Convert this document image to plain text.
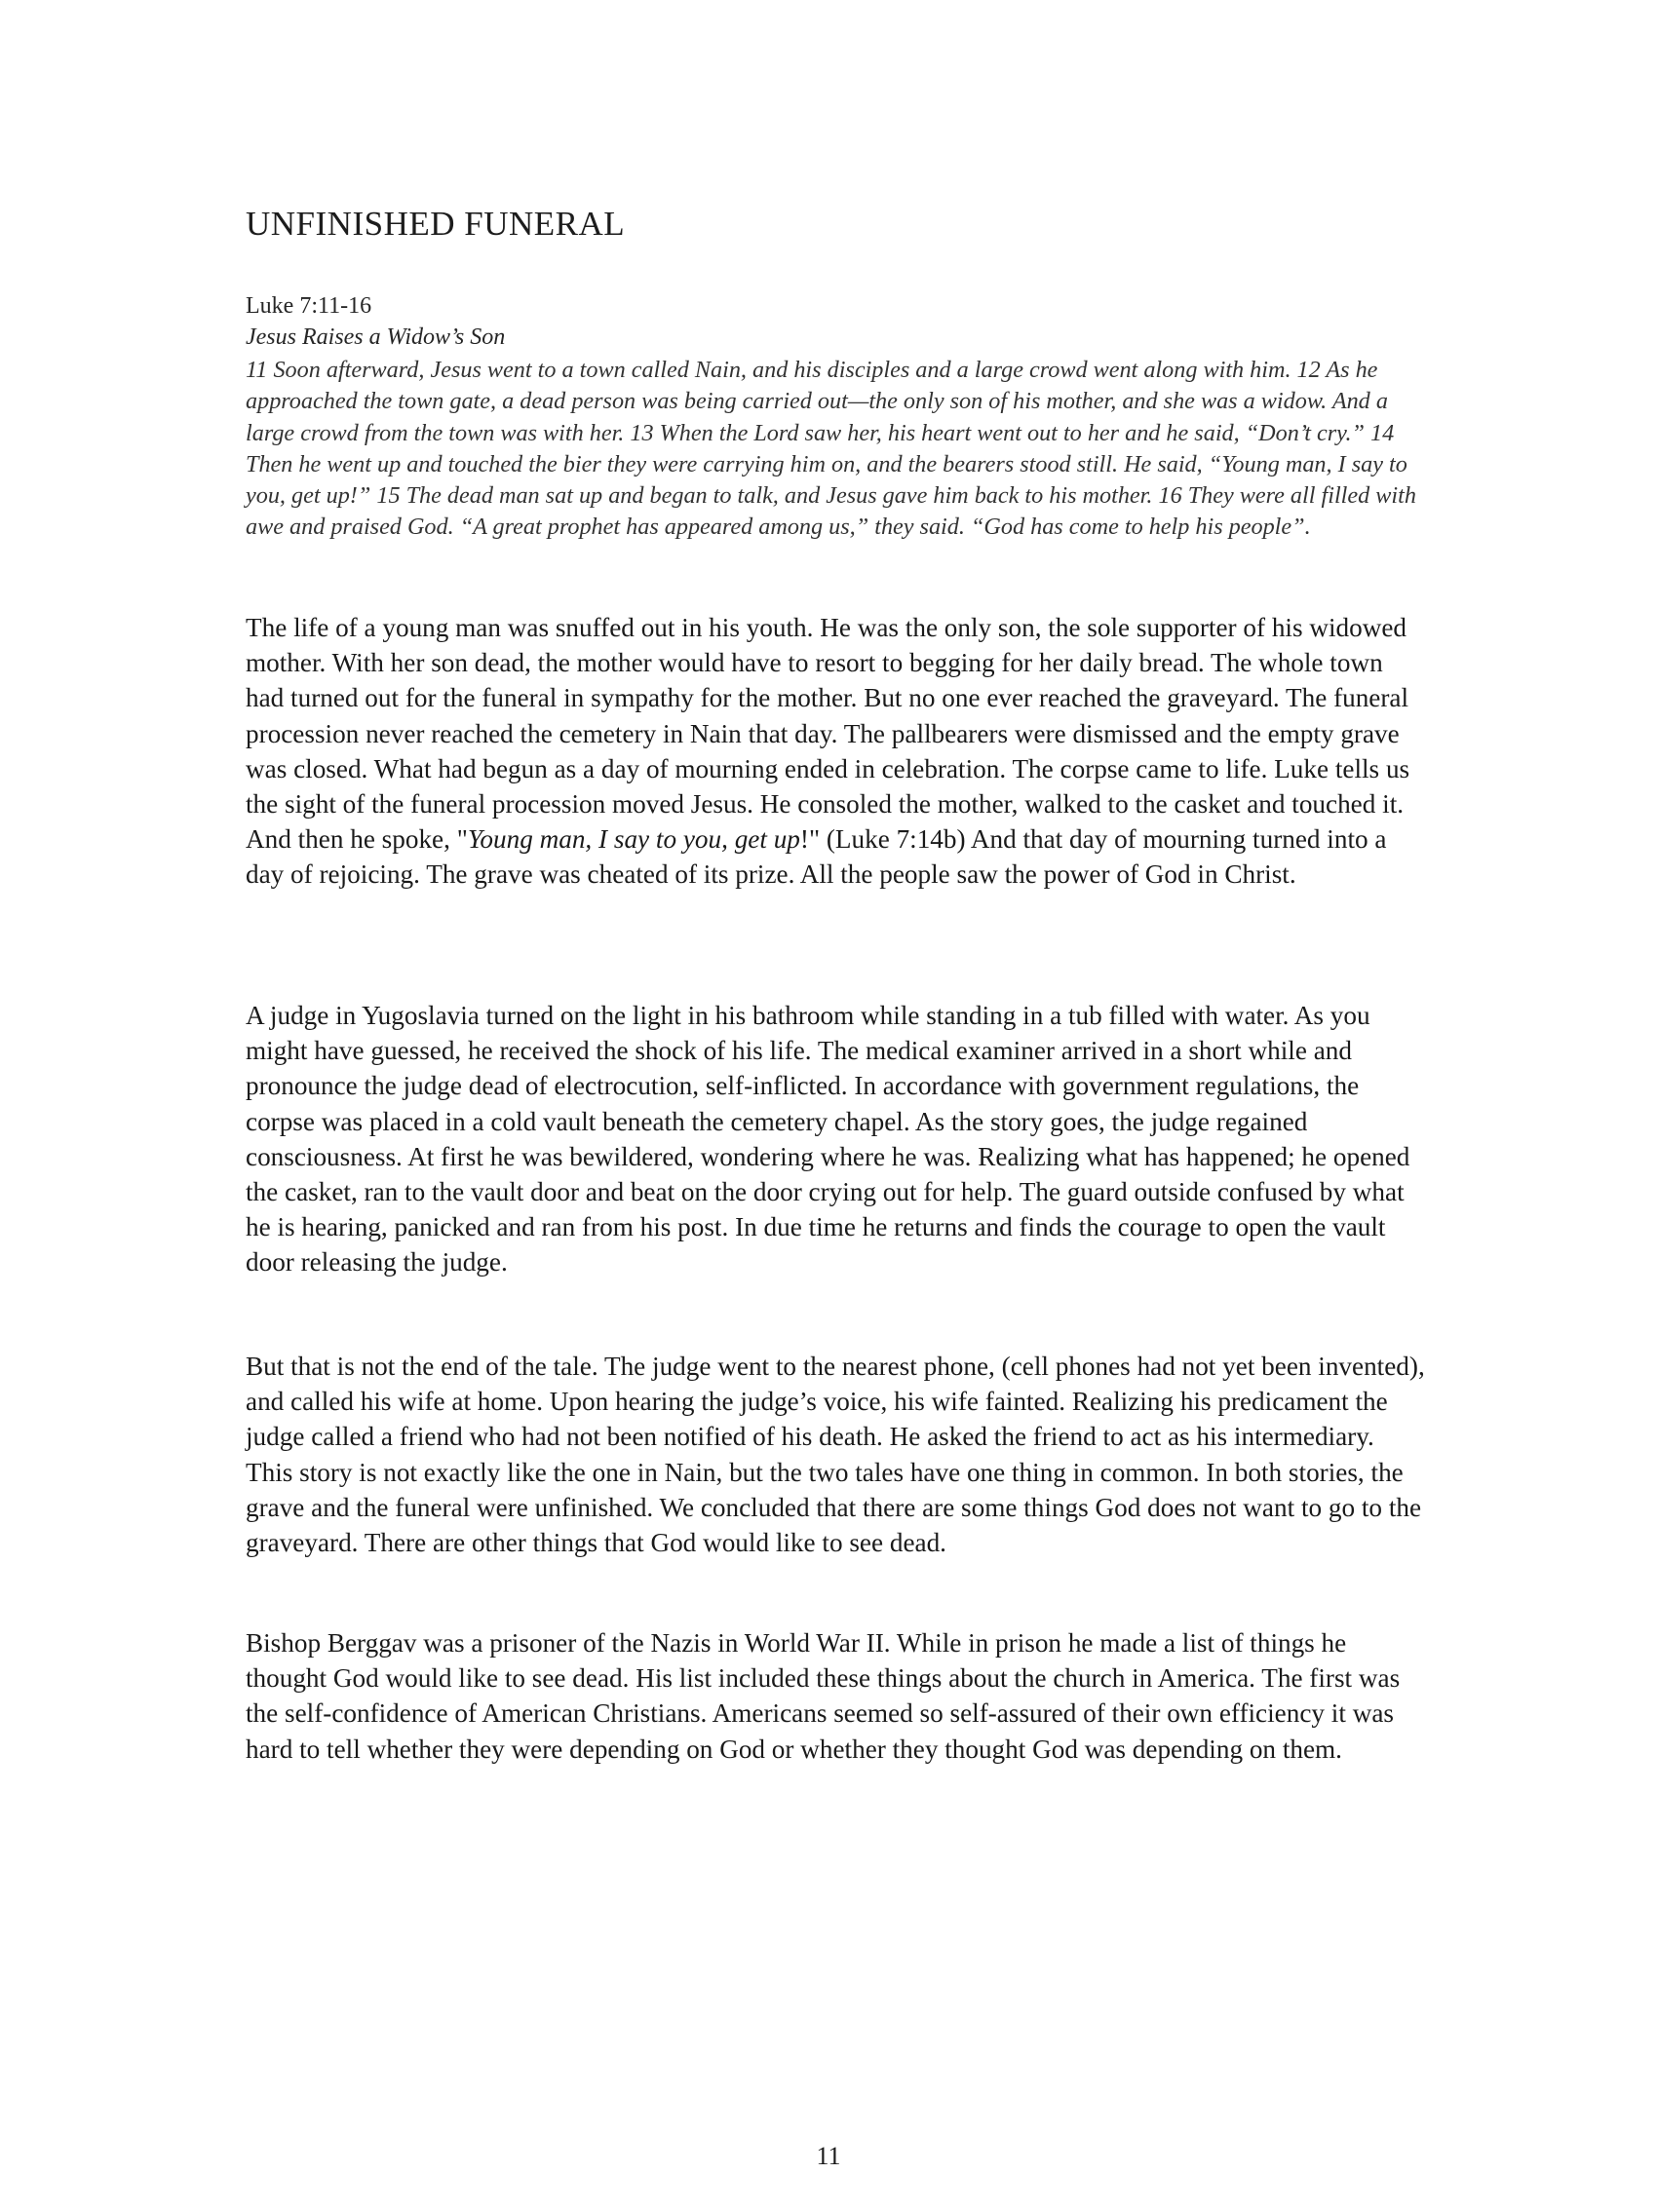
UNFINISHED FUNERAL

Luke 7:11-16

Jesus Raises a Widow’s Son

11 Soon afterward, Jesus went to a town called Nain, and his disciples and a large crowd went along with him. 12 As he approached the town gate, a dead person was being carried out—the only son of his mother, and she was a widow. And a large crowd from the town was with her. 13 When the Lord saw her, his heart went out to her and he said, “Don’t cry.” 14 Then he went up and touched the bier they were carrying him on, and the bearers stood still. He said, “Young man, I say to you, get up!” 15 The dead man sat up and began to talk, and Jesus gave him back to his mother. 16 They were all filled with awe and praised God. “A great prophet has appeared among us,” they said. “God has come to help his people”.

The life of a young man was snuffed out in his youth. He was the only son, the sole supporter of his widowed mother. With her son dead, the mother would have to resort to begging for her daily bread. The whole town had turned out for the funeral in sympathy for the mother. But no one ever reached the graveyard. The funeral procession never reached the cemetery in Nain that day. The pallbearers were dismissed and the empty grave was closed. What had begun as a day of mourning ended in celebration. The corpse came to life. Luke tells us the sight of the funeral procession moved Jesus. He consoled the mother, walked to the casket and touched it. And then he spoke, "Young man, I say to you, get up!" (Luke 7:14b) And that day of mourning turned into a day of rejoicing. The grave was cheated of its prize. All the people saw the power of God in Christ.

A judge in Yugoslavia turned on the light in his bathroom while standing in a tub filled with water. As you might have guessed, he received the shock of his life. The medical examiner arrived in a short while and pronounce the judge dead of electrocution, self-inflicted. In accordance with government regulations, the corpse was placed in a cold vault beneath the cemetery chapel. As the story goes, the judge regained consciousness. At first he was bewildered, wondering where he was. Realizing what has happened; he opened the casket, ran to the vault door and beat on the door crying out for help. The guard outside confused by what he is hearing, panicked and ran from his post. In due time he returns and finds the courage to open the vault door releasing the judge.

But that is not the end of the tale. The judge went to the nearest phone, (cell phones had not yet been invented), and called his wife at home. Upon hearing the judge’s voice, his wife fainted. Realizing his predicament the judge called a friend who had not been notified of his death. He asked the friend to act as his intermediary. This story is not exactly like the one in Nain, but the two tales have one thing in common. In both stories, the grave and the funeral were unfinished. We concluded that there are some things God does not want to go to the graveyard. There are other things that God would like to see dead.

Bishop Berggav was a prisoner of the Nazis in World War II. While in prison he made a list of things he thought God would like to see dead. His list included these things about the church in America. The first was the self-confidence of American Christians. Americans seemed so self-assured of their own efficiency it was hard to tell whether they were depending on God or whether they thought God was depending on them.

11
